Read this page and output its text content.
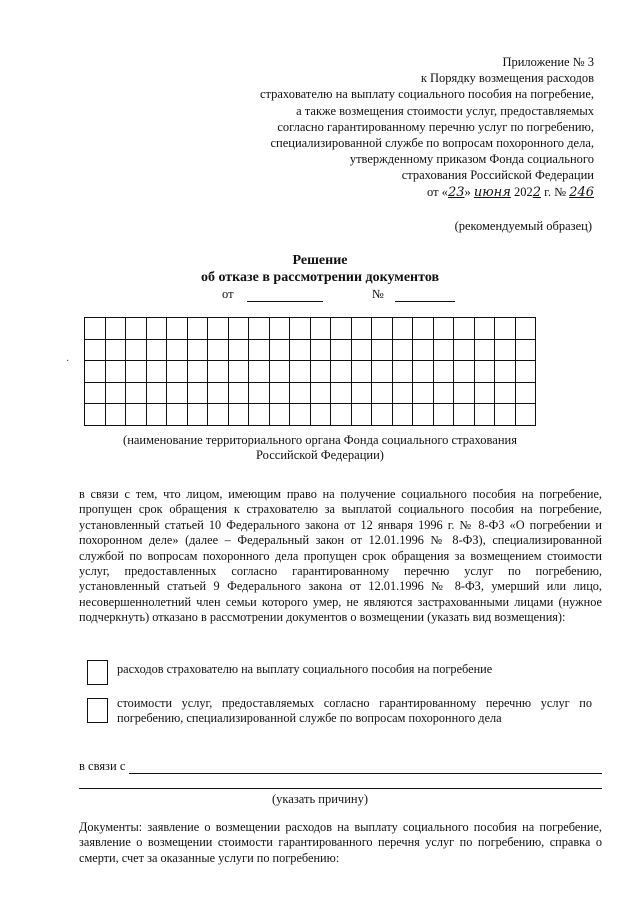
Приложение № 3
к Порядку возмещения расходов
страхователю на выплату социального пособия на погребение,
а также возмещения стоимости услуг, предоставляемых
согласно гарантированному перечню услуг по погребению,
специализированной службе по вопросам похоронного дела,
утвержденному приказом Фонда социального
страхования Российской Федерации
от «23» июня 2022 г. № 246
(рекомендуемый образец)
Решение
об отказе в рассмотрении документов
от	№

(наименование территориального органа Фонда социального страхования
Российской Федерации)
в связи с тем, что лицом, имеющим право на получение социального пособия на погребение, пропущен срок обращения к страхователю за выплатой социального пособия на погребение, установленный статьей 10 Федерального закона от 12 января 1996 г. № 8-ФЗ «О погребении и похоронном деле» (далее – Федеральный закон от 12.01.1996 № 8-ФЗ), специализированной службой по вопросам похоронного дела пропущен срок обращения за возмещением стоимости услуг, предоставленных согласно гарантированному перечню услуг по погребению, установленный статьей 9 Федерального закона от 12.01.1996 № 8-ФЗ, умерший или лицо, несовершеннолетний член семьи которого умер, не являются застрахованными лицами (нужное подчеркнуть) отказано в рассмотрении документов о возмещении (указать вид возмещения):
расходов страхователю на выплату социального пособия на погребение
стоимости услуг, предоставляемых согласно гарантированному перечню услуг по погребению, специализированной службе по вопросам похоронного дела
в связи с
(указать причину)
Документы: заявление о возмещении расходов на выплату социального пособия на погребение, заявление о возмещении стоимости гарантированного перечня услуг по погребению, справка о смерти, счет за оказанные услуги по погребению:
·
